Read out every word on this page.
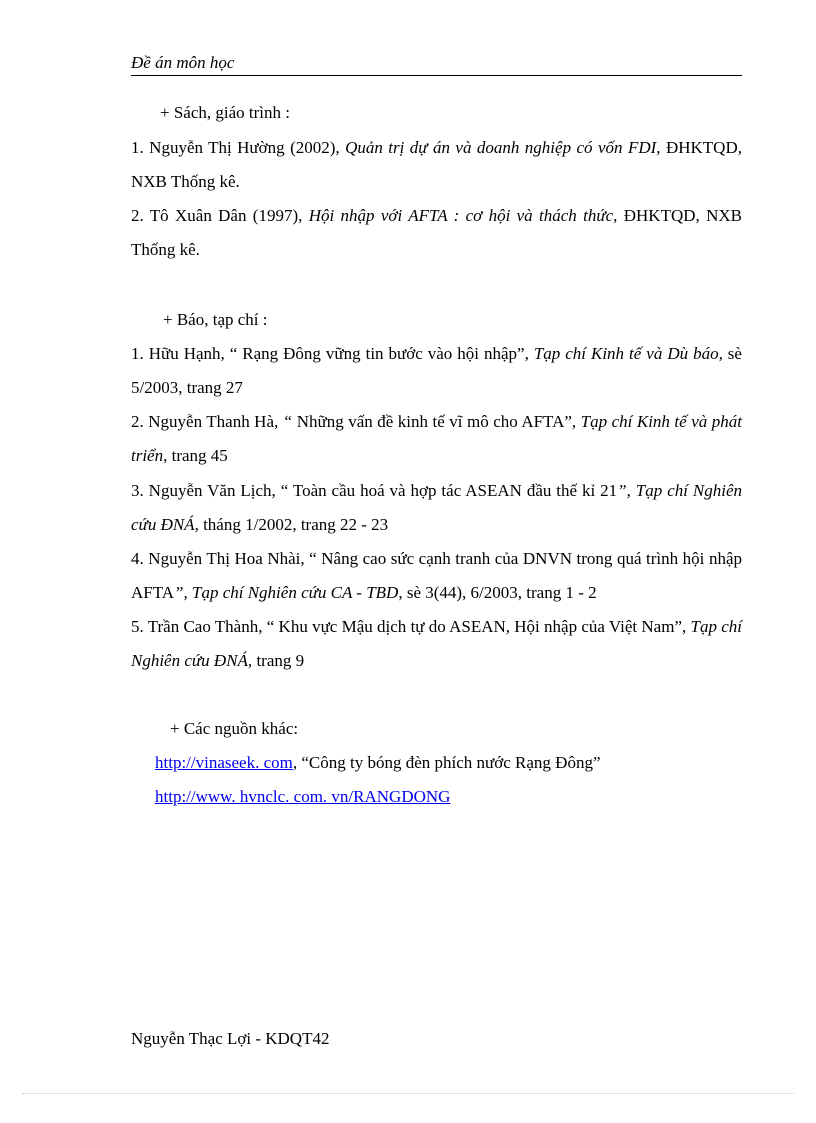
Đề án môn học
+ Sách, giáo trình :
1. Nguyễn Thị Hường (2002), Quản trị dự án và doanh nghiệp có vốn FDI, ĐHKTQD, NXB Thống kê.
2. Tô Xuân Dân (1997), Hội nhập với AFTA : cơ hội và thách thức, ĐHKTQD, NXB Thống kê.
+ Báo, tạp chí :
1. Hữu Hạnh, “ Rạng Đông vững tin bước vào hội nhập”, Tạp chí Kinh tế và Dù báo, sè 5/2003, trang 27
2. Nguyễn Thanh Hà, “ Những vấn đề kinh tế vĩ mô cho AFTA”, Tạp chí Kinh tế và phát triển, trang 45
3. Nguyễn Văn Lịch, “ Toàn cầu hoá và hợp tác ASEAN đầu thế kỉ 21”, Tạp chí Nghiên cứu ĐNÁ, tháng 1/2002, trang 22 - 23
4. Nguyễn Thị Hoa Nhài, “ Nâng cao sức cạnh tranh của DNVN trong quá trình hội nhập AFTA”, Tạp chí Nghiên cứu CA - TBD, sè 3(44), 6/2003, trang 1 - 2
5. Trần Cao Thành, “ Khu vực Mậu dịch tự do ASEAN, Hội nhập của Việt Nam”, Tạp chí Nghiên cứu ĐNÁ, trang 9
+ Các nguồn khác:
http://vinaseek. com, “Công ty bóng đèn phích nước Rạng Đông”
http://www. hvnclc. com. vn/RANGDONG
Nguyễn Thạc Lợi - KDQT42
